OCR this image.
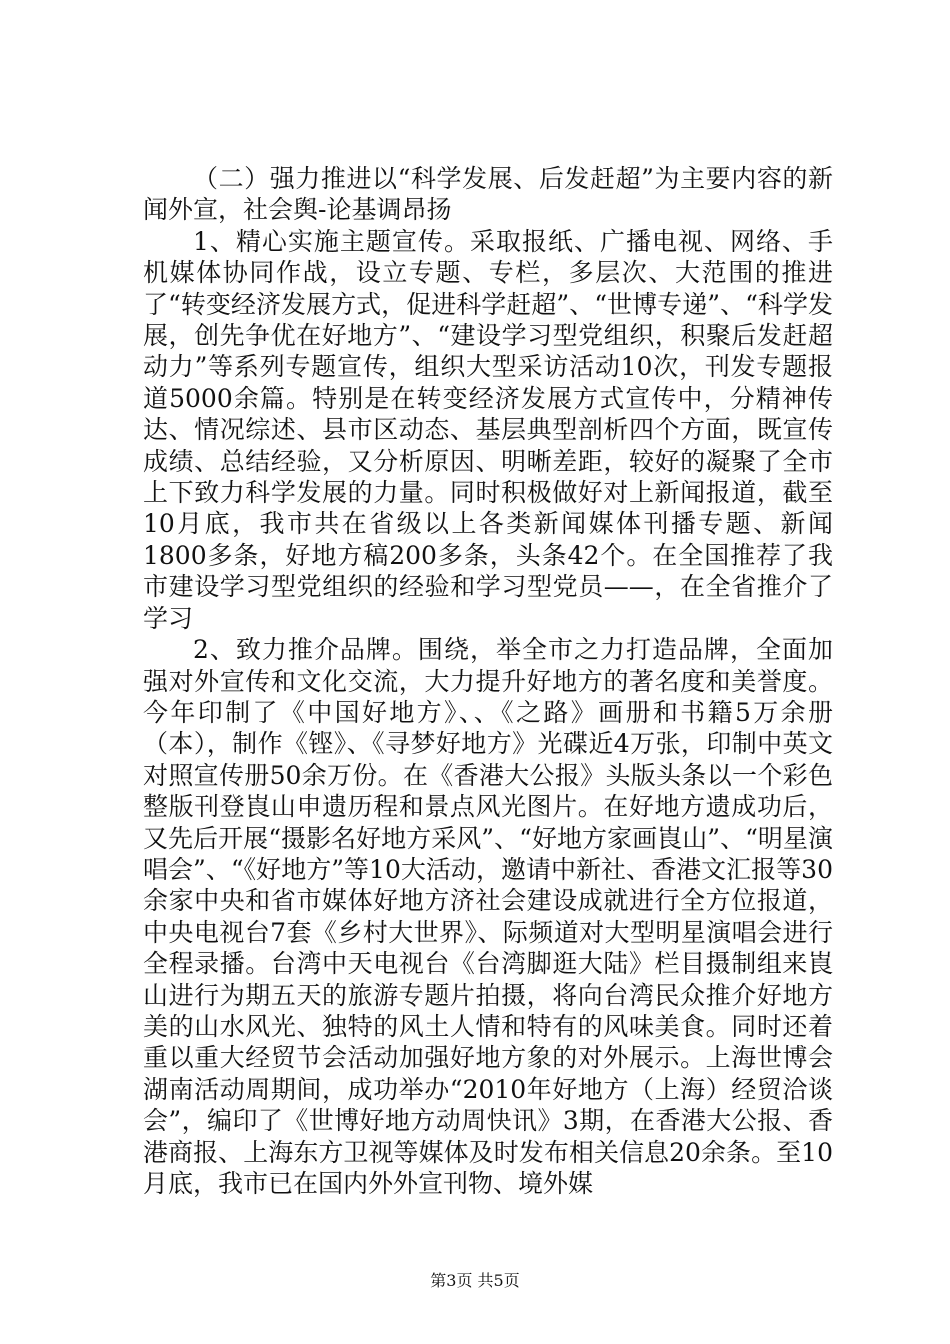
（二）强力推进以“科学发展、后发赶超”为主要内容的新闻外宣，社会舆-论基调昂扬

1、精心实施主题宣传。采取报纸、广播电视、网络、手机媒体协同作战，设立专题、专栏，多层次、大范围的推进了“转变经济发展方式，促进科学赶超”、“世博专递”、“科学发展，创先争优在好地方”、“建设学习型党组织，积聚后发赶超动力”等系列专题宣传，组织大型采访活动10次，刊发专题报道5000余篇。特别是在转变经济发展方式宣传中，分精神传达、情况综述、县市区动态、基层典型剖析四个方面，既宣传成绩、总结经验，又分析原因、明晰差距，较好的凝聚了全市上下致力科学发展的力量。同时积极做好对上新闻报道，截至10月底，我市共在省级以上各类新闻媒体刊播专题、新闻1800多条，好地方稿200多条，头条42个。在全国推荐了我市建设学习型党组织的经验和学习型党员——，在全省推介了学习

2、致力推介品牌。围绕，举全市之力打造品牌，全面加强对外宣传和文化交流，大力提升好地方的著名度和美誉度。今年印制了《中国好地方》、、《之路》画册和书籍5万余册（本），制作《铿》、《寻梦好地方》光碟近4万张，印制中英文对照宣传册50余万份。在《香港大公报》头版头条以一个彩色整版刊登崀山申遗历程和景点风光图片。在好地方遗成功后，又先后开展“摄影名好地方采风”、“好地方家画崀山”、“明星演唱会”、“《好地方”等10大活动，邀请中新社、香港文汇报等30余家中央和省市媒体好地方济社会建设成就进行全方位报道，中央电视台7套《乡村大世界》、际频道对大型明星演唱会进行全程录播。台湾中天电视台《台湾脚逛大陆》栏目摄制组来崀山进行为期五天的旅游专题片拍摄，将向台湾民众推介好地方美的山水风光、独特的风土人情和特有的风味美食。同时还着重以重大经贸节会活动加强好地方象的对外展示。上海世博会湖南活动周期间，成功举办“2010年好地方（上海）经贸洽谈会”，编印了《世博好地方动周快讯》3期，在香港大公报、香港商报、上海东方卫视等媒体及时发布相关信息20余条。至10月底，我市已在国内外外宣刊物、境外媒

第3页 共5页
